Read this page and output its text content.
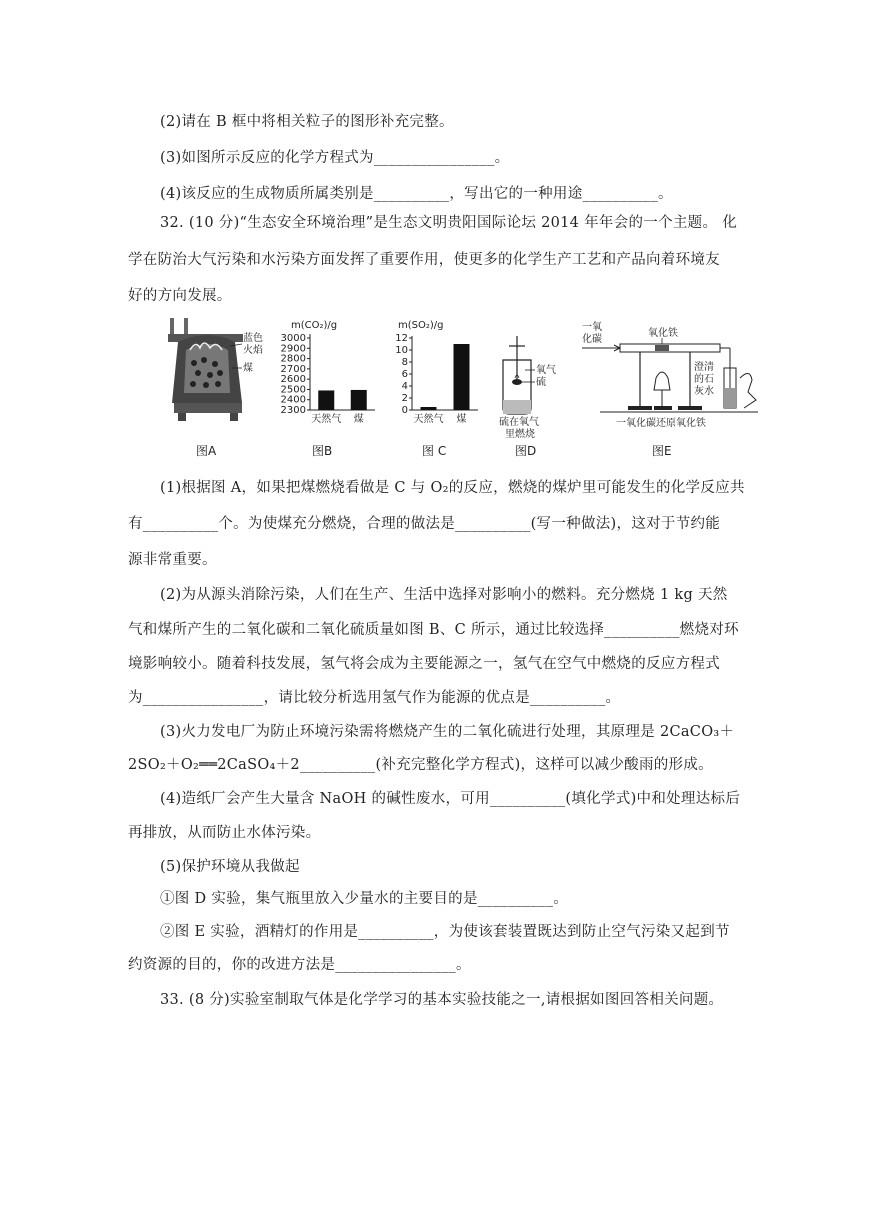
(2)请在 B 框中将相关粒子的图形补充完整。
(3)如图所示反应的化学方程式为________________。
(4)该反应的生成物质所属类别是__________，写出它的一种用途__________。
32. (10 分)“生态安全环境治理”是生态文明贵阳国际论坛 2014 年年会的一个主题。 化
学在防治大气污染和水污染方面发挥了重要作用，使更多的化学生产工艺和产品向着环境友
好的方向发展。
蓝色
火焰
煤
m(CO₂)/g
3000
2900
2800
2700
2600
2500
2400
2300
天然气 煤
m(SO₂)/g
12
10
8
6
4
2
0
天然气 煤
氧气
硫
硫在氧气
里燃烧
一氧
化碳
氧化铁
澄清
的石
灰水
一氧化碳还原氧化铁
图A	图B	图 C	图D	图E
(1)根据图 A，如果把煤燃烧看做是 C 与 O₂的反应，燃烧的煤炉里可能发生的化学反应共
有__________个。为使煤充分燃烧，合理的做法是__________(写一种做法)，这对于节约能
源非常重要。
(2)为从源头消除污染，人们在生产、生活中选择对影响小的燃料。充分燃烧 1 kg 天然
气和煤所产生的二氧化碳和二氧化硫质量如图 B、C 所示，通过比较选择__________燃烧对环
境影响较小。随着科技发展，氢气将会成为主要能源之一，氢气在空气中燃烧的反应方程式
为________________，请比较分析选用氢气作为能源的优点是__________。
(3)火力发电厂为防止环境污染需将燃烧产生的二氧化硫进行处理，其原理是 2CaCO₃＋
2SO₂＋O₂══2CaSO₄＋2__________(补充完整化学方程式)，这样可以减少酸雨的形成。
(4)造纸厂会产生大量含 NaOH 的碱性废水，可用__________(填化学式)中和处理达标后
再排放，从而防止水体污染。
(5)保护环境从我做起
①图 D 实验，集气瓶里放入少量水的主要目的是__________。
②图 E 实验，酒精灯的作用是__________，为使该套装置既达到防止空气污染又起到节
约资源的目的，你的改进方法是________________。
33. (8 分)实验室制取气体是化学学习的基本实验技能之一,请根据如图回答相关问题。
